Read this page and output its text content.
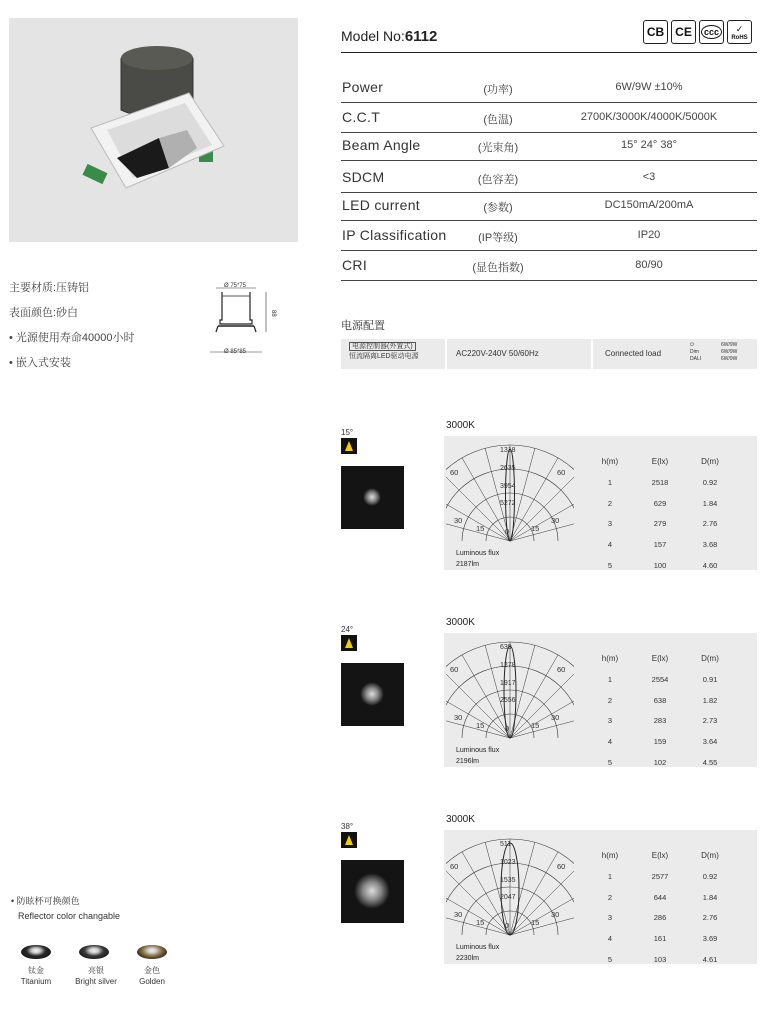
Model No:6112	CB CE	ccc	✓
RoHS
Power	(功率)	6W/9W ±10%
C.C.T	(色温)	2700K/3000K/4000K/5000K
Beam Angle	(光束角)	15° 24° 38°
SDCM	(色容差)	<3
LED current	(参数)	DC150mA/200mA
IP Classification	(IP等级)	IP20
CRI	(显色指数)	80/90
主要材质:压铸铝
表面颜色:砂白
• 光源使用寿命40000小时
• 嵌入式安装
Ø 75*75
Ø 85*85
88
电源配置
电源控制器(外置式)
恒流隔离LED驱动电源	AC220V-240V 50/60Hz	Connected load
⏻
Dim
DALI
6W/9W
6W/9W
6W/9W
15°
3000K
1318
2635
3954
5272
60	60
30	30
15	15
0
Luminous flux
2187lm
h(m)	E(lx)	D(m)
1	2518	0.92
2	629	1.84
3	279	2.76
4	157	3.68
5	100	4.60
24°
3000K
639
1278
1917
2556
60	60
30	30
15	15
0
Luminous flux
2196lm
h(m)	E(lx)	D(m)
1	2554	0.91
2	638	1.82
3	283	2.73
4	159	3.64
5	102	4.55
38°
3000K
511
1023
1535
2047
60	60
30	30
15	15
0
Luminous flux
2230lm
h(m)	E(lx)	D(m)
1	2577	0.92
2	644	1.84
3	286	2.76
4	161	3.69
5	103	4.61
• 防眩杯可换颜色
Reflector color changable
钛金
Titanium
亮银
Bright silver
金色
Golden
